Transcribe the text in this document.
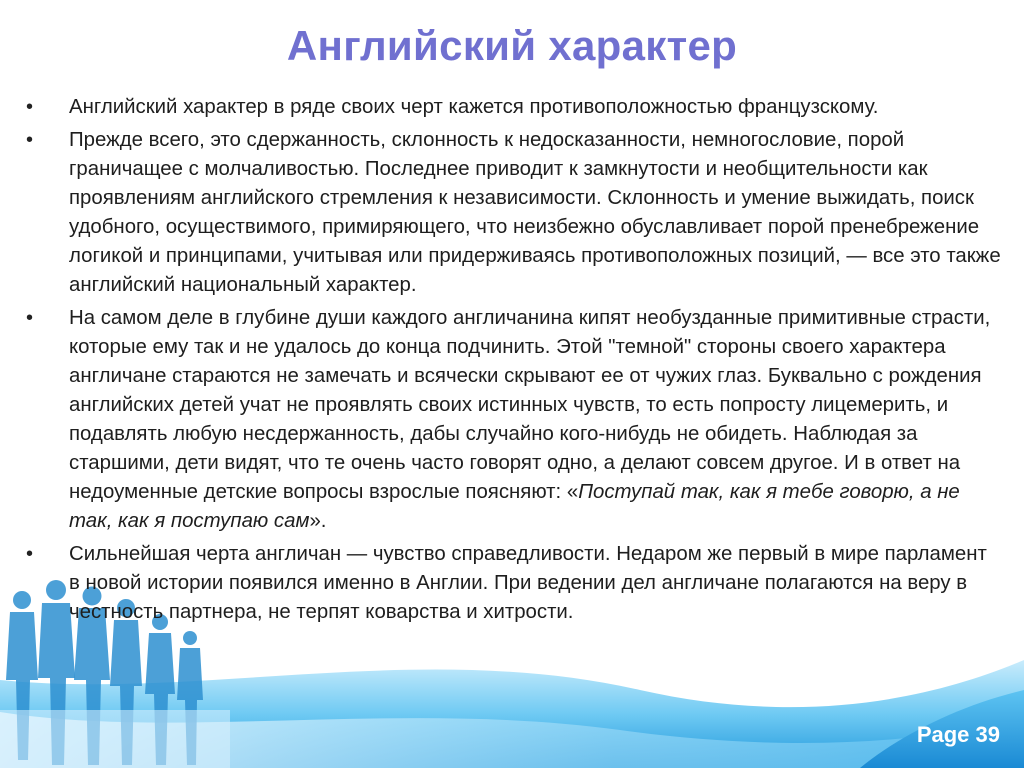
Английский характер
•	Английский характер в ряде своих черт кажется противоположностью французскому.
•	Прежде всего, это сдержанность, склонность к недосказанности, немногословие, порой граничащее с молчаливостью. Последнее приводит к замкнутости и необщительности как проявлениям английского стремления к независимости. Склонность и умение выжидать, поиск удобного, осуществимого, примиряющего, что неизбежно обуславливает порой пренебрежение логикой и принципами, учитывая или придерживаясь противоположных позиций, — все это также английский национальный характер.
•	На самом деле в глубине души каждого англичанина кипят необузданные примитивные страсти, которые ему так и не удалось до конца подчинить. Этой "темной" стороны своего характера англичане стараются не замечать и всячески скрывают ее от чужих глаз. Буквально с рождения английских детей учат не проявлять своих истинных чувств, то есть попросту лицемерить, и подавлять любую несдержанность, дабы случайно кого-нибудь не обидеть. Наблюдая за старшими, дети видят, что те очень часто говорят одно, а делают совсем другое. И в ответ на недоуменные детские вопросы взрослые поясняют: «Поступай так, как я тебе говорю, а не так, как я поступаю сам».
•	Сильнейшая черта англичан — чувство справедливости. Недаром же первый в мире парламент в новой истории появился именно в Англии. При ведении дел англичане полагаются на веру в честность партнера, не терпят коварства и хитрости.
Page 39
